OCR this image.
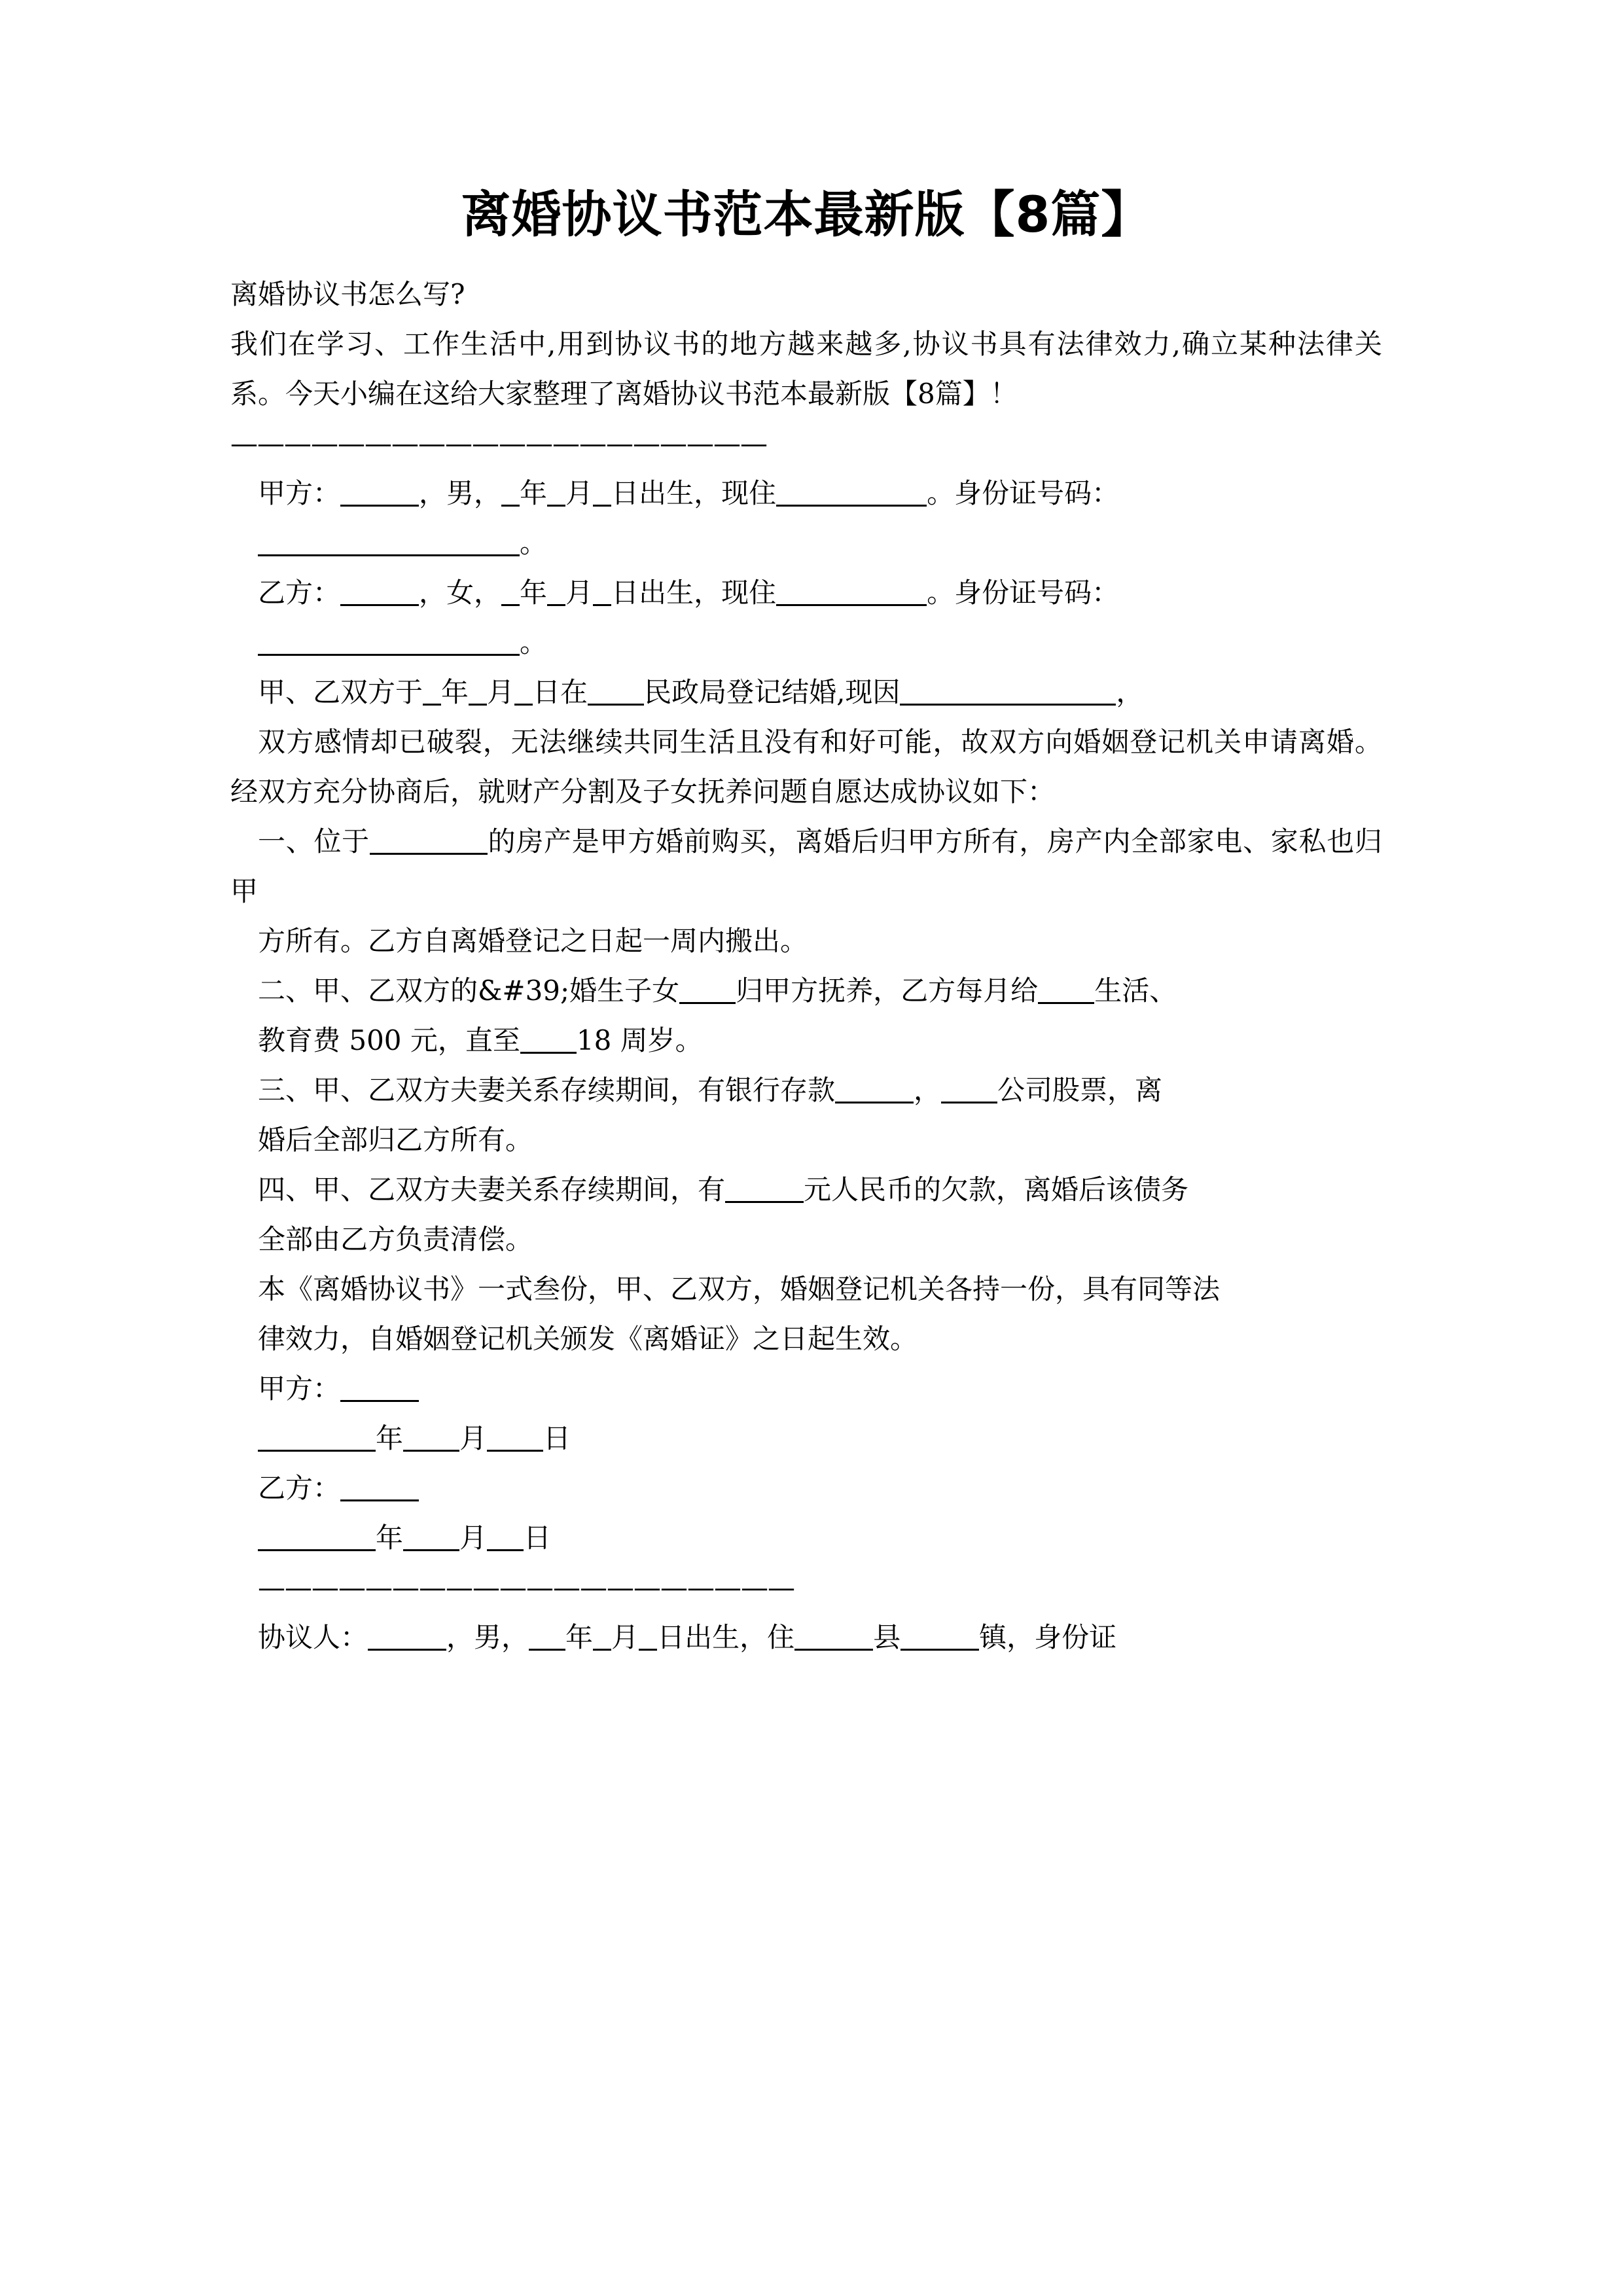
离婚协议书范本最新版【8篇】

离婚协议书怎么写?

我们在学习、工作生活中,用到协议书的地方越来越多,协议书具有法律效力,确立某种法律关系。今天小编在这给大家整理了离婚协议书范本最新版【8篇】！

————————————————————

甲方：	，男， 年 月 日出生，现住	。身份证号码：

。

乙方：	，女， 年 月 日出生，现住	。身份证号码：

。

甲、乙双方于 年 月 日在 民政局登记结婚,现因	，

双方感情却已破裂，无法继续共同生活且没有和好可能，故双方向婚姻登记机关申请离婚。经双方充分协商后，就财产分割及子女抚养问题自愿达成协议如下：

一、位于	的房产是甲方婚前购买，离婚后归甲方所有，房产内全部家电、家私也归甲

方所有。乙方自离婚登记之日起一周内搬出。

二、甲、乙双方的&#39;婚生子女 归甲方抚养，乙方每月给 生活、

教育费 500 元，直至 18 周岁。

三、甲、乙双方夫妻关系存续期间，有银行存款	， 公司股票，离

婚后全部归乙方所有。

四、甲、乙双方夫妻关系存续期间，有	元人民币的欠款，离婚后该债务

全部由乙方负责清偿。

本《离婚协议书》一式叁份，甲、乙双方，婚姻登记机关各持一份，具有同等法

律效力，自婚姻登记机关颁发《离婚证》之日起生效。

甲方：

年 月 日

乙方：

年 月 日

————————————————————

协议人：	，男， 年 月 日出生，住	县	镇，身份证
